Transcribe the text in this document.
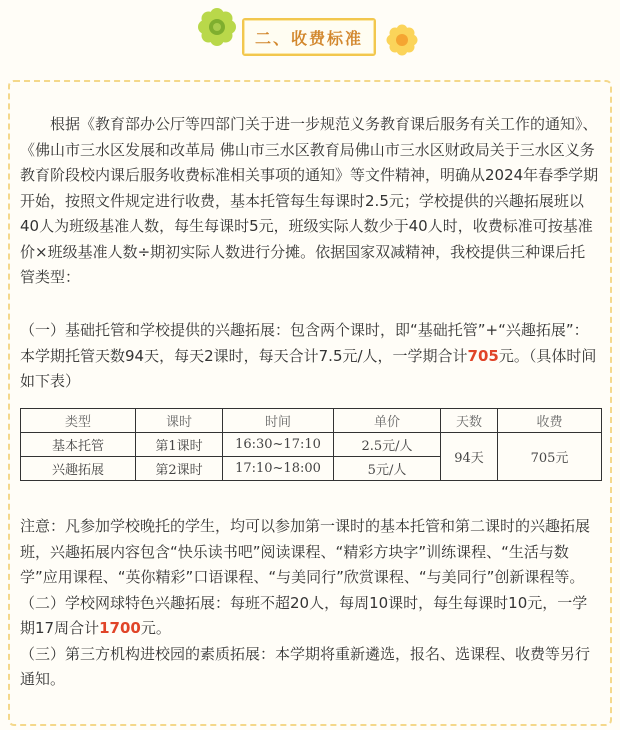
二、收费标准

根据《教育部办公厅等四部门关于进一步规范义务教育课后服务有关工作的通知》、《佛山市三水区发展和改革局 佛山市三水区教育局佛山市三水区财政局关于三水区义务教育阶段校内课后服务收费标准相关事项的通知》等文件精神，明确从2024年春季学期开始，按照文件规定进行收费，基本托管每生每课时2.5元；学校提供的兴趣拓展班以40人为班级基准人数，每生每课时5元，班级实际人数少于40人时，收费标准可按基准价×班级基准人数÷期初实际人数进行分摊。依据国家双减精神，我校提供三种课后托管类型：

（一）基础托管和学校提供的兴趣拓展：包含两个课时，即“基础托管”+“兴趣拓展”：本学期托管天数94天，每天2课时，每天合计7.5元/人，一学期合计705元。（具体时间如下表）

类型	课时	时间	单价	天数	收费
基本托管	第1课时	16:30~17:10	2.5元/人	94天	705元
兴趣拓展	第2课时	17:10~18:00	5元/人		

注意：凡参加学校晚托的学生，均可以参加第一课时的基本托管和第二课时的兴趣拓展班，兴趣拓展内容包含“快乐读书吧”阅读课程、“精彩方块字”训练课程、“生活与数学”应用课程、“英你精彩”口语课程、“与美同行”欣赏课程、“与美同行”创新课程等。
（二）学校网球特色兴趣拓展：每班不超20人，每周10课时，每生每课时10元，一学期17周合计1700元。
（三）第三方机构进校园的素质拓展：本学期将重新遴选，报名、选课程、收费等另行通知。
